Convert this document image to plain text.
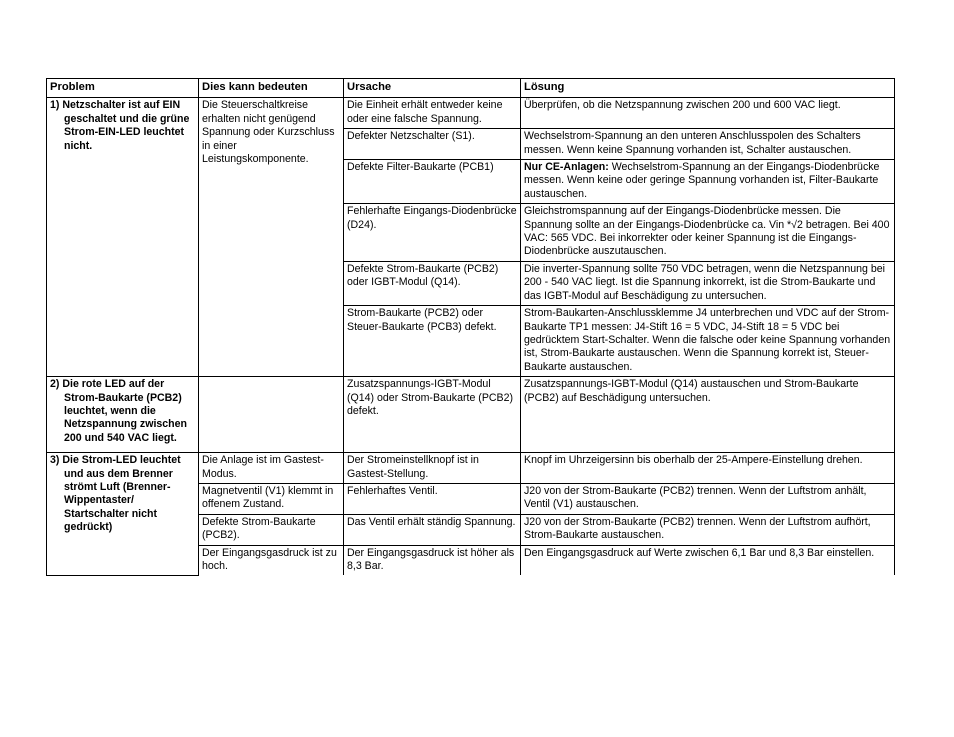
Problem	Dies kann bedeuten	Ursache	Lösung

1) Netzschalter ist auf EIN geschaltet und die grüne Strom-EIN-LED leuchtet nicht.	Die Steuerschaltkreise erhalten nicht genügend Spannung oder Kurzschluss in einer Leistungskomponente.	Die Einheit erhält entweder keine oder eine falsche Spannung.	Überprüfen, ob die Netzspannung zwischen 200 und 600 VAC liegt.
		Defekter Netzschalter (S1).	Wechselstrom-Spannung an den unteren Anschlusspolen des Schalters messen. Wenn keine Spannung vorhanden ist, Schalter austauschen.
		Defekte Filter-Baukarte (PCB1)	Nur CE-Anlagen: Wechselstrom-Spannung an der Eingangs-Diodenbrücke messen. Wenn keine oder geringe Spannung vorhanden ist, Filter-Baukarte austauschen.
		Fehlerhafte Eingangs-Diodenbrücke (D24).	Gleichstromspannung auf der Eingangs-Diodenbrücke messen. Die Spannung sollte an der Eingangs-Diodenbrücke ca. Vin *√2 betragen. Bei 400 VAC: 565 VDC. Bei inkorrekter oder keiner Spannung ist die Eingangs-Diodenbrücke auszutauschen.
		Defekte Strom-Baukarte (PCB2) oder IGBT-Modul (Q14).	Die inverter-Spannung sollte 750 VDC betragen, wenn die Netzspannung bei 200 - 540 VAC liegt. Ist die Spannung inkorrekt, ist die Strom-Baukarte und das IGBT-Modul auf Beschädigung zu untersuchen.
		Strom-Baukarte (PCB2) oder Steuer-Baukarte (PCB3) defekt.	Strom-Baukarten-Anschlussklemme J4 unterbrechen und VDC auf der Strom-Baukarte TP1 messen: J4-Stift 16 = 5 VDC, J4-Stift 18 = 5 VDC bei gedrücktem Start-Schalter. Wenn die falsche oder keine Spannung vorhanden ist, Strom-Baukarte austauschen. Wenn die Spannung korrekt ist, Steuer-Baukarte austauschen.

2) Die rote LED auf der Strom-Baukarte (PCB2) leuchtet, wenn die Netzspannung zwischen 200 und 540 VAC liegt.		Zusatzspannungs-IGBT-Modul (Q14) oder Strom-Baukarte (PCB2) defekt.	Zusatzspannungs-IGBT-Modul (Q14) austauschen und Strom-Baukarte (PCB2) auf Beschädigung untersuchen.

3) Die Strom-LED leuchtet und aus dem Brenner strömt Luft (Brenner-Wippentaster/ Startschalter nicht gedrückt)	Die Anlage ist im Gastest-Modus.	Der Stromeinstellknopf ist in Gastest-Stellung.	Knopf im Uhrzeigersinn bis oberhalb der 25-Ampere-Einstellung drehen.
	Magnetventil (V1) klemmt in offenem Zustand.	Fehlerhaftes Ventil.	J20 von der Strom-Baukarte (PCB2) trennen. Wenn der Luftstrom anhält, Ventil (V1) austauschen.
	Defekte Strom-Baukarte (PCB2).	Das Ventil erhält ständig Spannung.	J20 von der Strom-Baukarte (PCB2) trennen. Wenn der Luftstrom aufhört, Strom-Baukarte austauschen.
	Der Eingangsgasdruck ist zu hoch.	Der Eingangsgasdruck ist höher als 8,3 Bar.	Den Eingangsgasdruck auf Werte zwischen 6,1 Bar und 8,3 Bar einstellen.
